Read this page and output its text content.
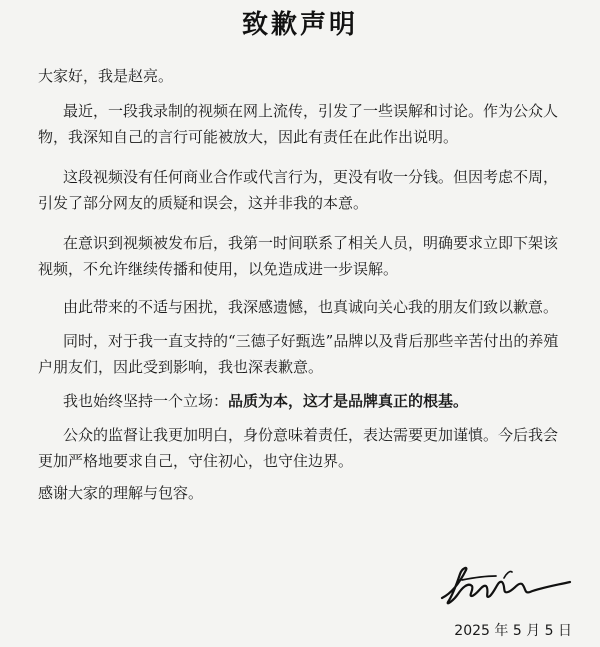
致歉声明
大家好，我是赵亮。

最近，一段我录制的视频在网上流传，引发了一些误解和讨论。作为公众人物，我深知自己的言行可能被放大，因此有责任在此作出说明。

这段视频没有任何商业合作或代言行为，更没有收一分钱。但因考虑不周，引发了部分网友的质疑和误会，这并非我的本意。

在意识到视频被发布后，我第一时间联系了相关人员，明确要求立即下架该视频，不允许继续传播和使用，以免造成进一步误解。

由此带来的不适与困扰，我深感遗憾，也真诚向关心我的朋友们致以歉意。

同时，对于我一直支持的“三德子好甄选”品牌以及背后那些辛苦付出的养殖户朋友们，因此受到影响，我也深表歉意。

我也始终坚持一个立场：品质为本，这才是品牌真正的根基。

公众的监督让我更加明白，身份意味着责任，表达需要更加谨慎。今后我会更加严格地要求自己，守住初心，也守住边界。

感谢大家的理解与包容。

2025 年 5 月 5 日
